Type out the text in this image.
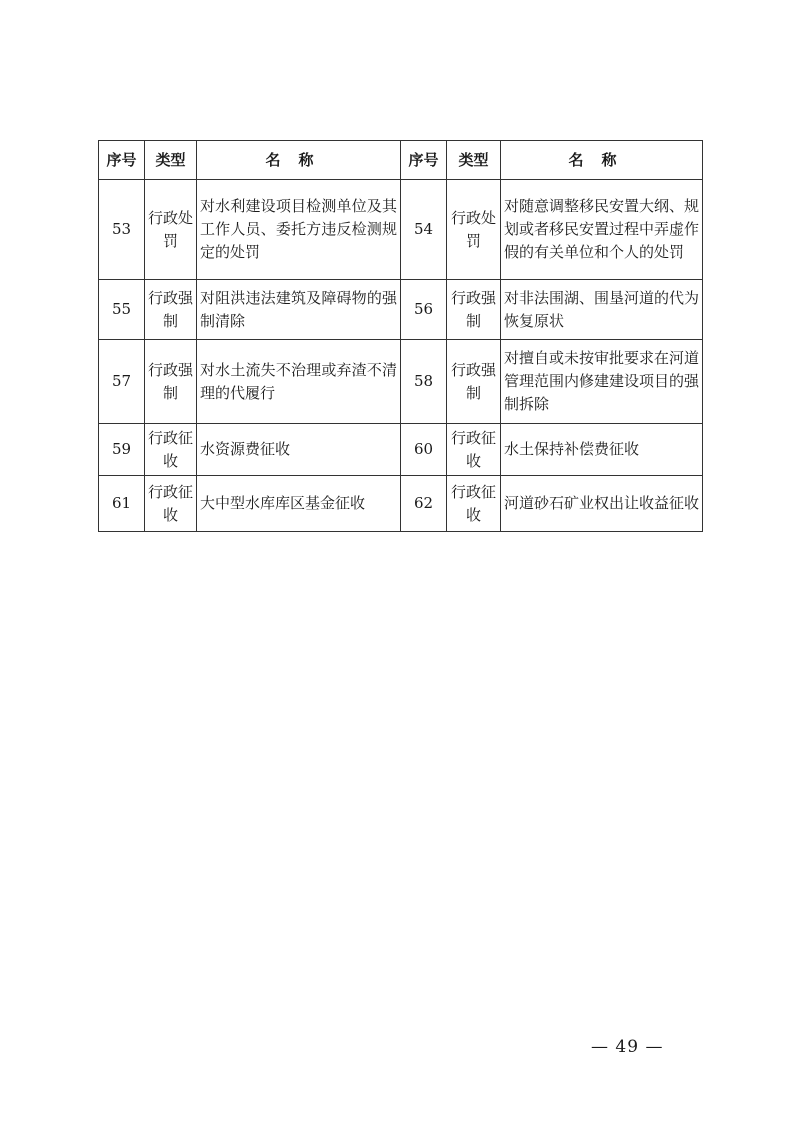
序号	类型	名称	序号	类型	名称
53	行政处罚	对水利建设项目检测单位及其工作人员、委托方违反检测规定的处罚	54	行政处罚	对随意调整移民安置大纲、规划或者移民安置过程中弄虚作假的有关单位和个人的处罚
55	行政强制	对阻洪违法建筑及障碍物的强制清除	56	行政强制	对非法围湖、围垦河道的代为恢复原状
57	行政强制	对水土流失不治理或弃渣不清理的代履行	58	行政强制	对擅自或未按审批要求在河道管理范围内修建建设项目的强制拆除
59	行政征收	水资源费征收	60	行政征收	水土保持补偿费征收
61	行政征收	大中型水库库区基金征收	62	行政征收	河道砂石矿业权出让收益征收
— 49 —
